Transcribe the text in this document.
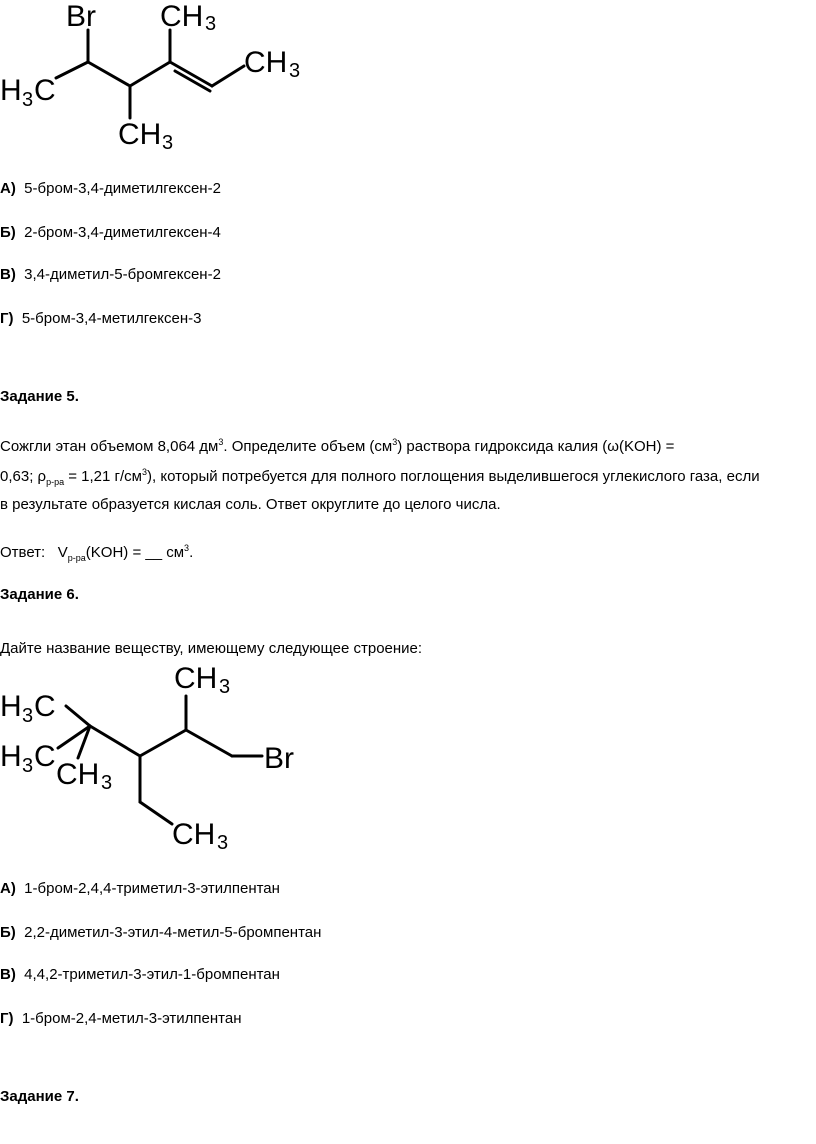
Br CH 3
CH 3
H 3 C
CH 3
А) 5-бром-3,4-диметилгексен-2
Б) 2-бром-3,4-диметилгексен-4
В) 3,4-диметил-5-бромгексен-2
Г) 5-бром-3,4-метилгексен-3
Задание 5.
Сожгли этан объемом 8,064 $дм^3$. Определите объем $(см^3)$ раствора гидроксида калия (ω(KOH) =
0,63; $\rho_{р-ра} = 1,21$ $г/см^3$), который потребуется для полного поглощения выделившегося углекислого газа, если
в результате образуется кислая соль. Ответ округлите до целого числа.
Ответ: $V_{р-ра}(KOH)$ = __ $см^3$.
Задание 6.
Дайте название веществу, имеющему следующее строение:
CH 3
H 3 C
H 3 C
CH 3
Br
CH 3
А) 1-бром-2,4,4-триметил-3-этилпентан
Б) 2,2-диметил-3-этил-4-метил-5-бромпентан
В) 4,4,2-триметил-3-этил-1-бромпентан
Г) 1-бром-2,4-метил-3-этилпентан
Задание 7.
